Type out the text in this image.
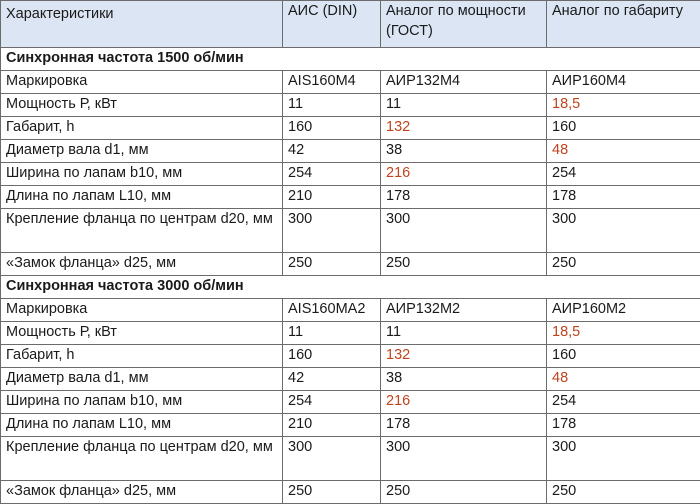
Характеристики	АИС (DIN)	Аналог по мощности (ГОСТ)	Аналог по габариту
Синхронная частота 1500 об/мин			
Маркировка	AIS160M4	АИР132М4	АИР160М4
Мощность Р, кВт	11	11	18,5
Габарит, h	160	132	160
Диаметр вала d1, мм	42	38	48
Ширина по лапам b10, мм	254	216	254
Длина по лапам L10, мм	210	178	178
Крепление фланца по центрам d20, мм	300	300	300
«Замок фланца» d25, мм	250	250	250
Синхронная частота 3000 об/мин			
Маркировка	AIS160MA2	АИР132М2	АИР160М2
Мощность Р, кВт	11	11	18,5
Габарит, h	160	132	160
Диаметр вала d1, мм	42	38	48
Ширина по лапам b10, мм	254	216	254
Длина по лапам L10, мм	210	178	178
Крепление фланца по центрам d20, мм	300	300	300
«Замок фланца» d25, мм	250	250	250
